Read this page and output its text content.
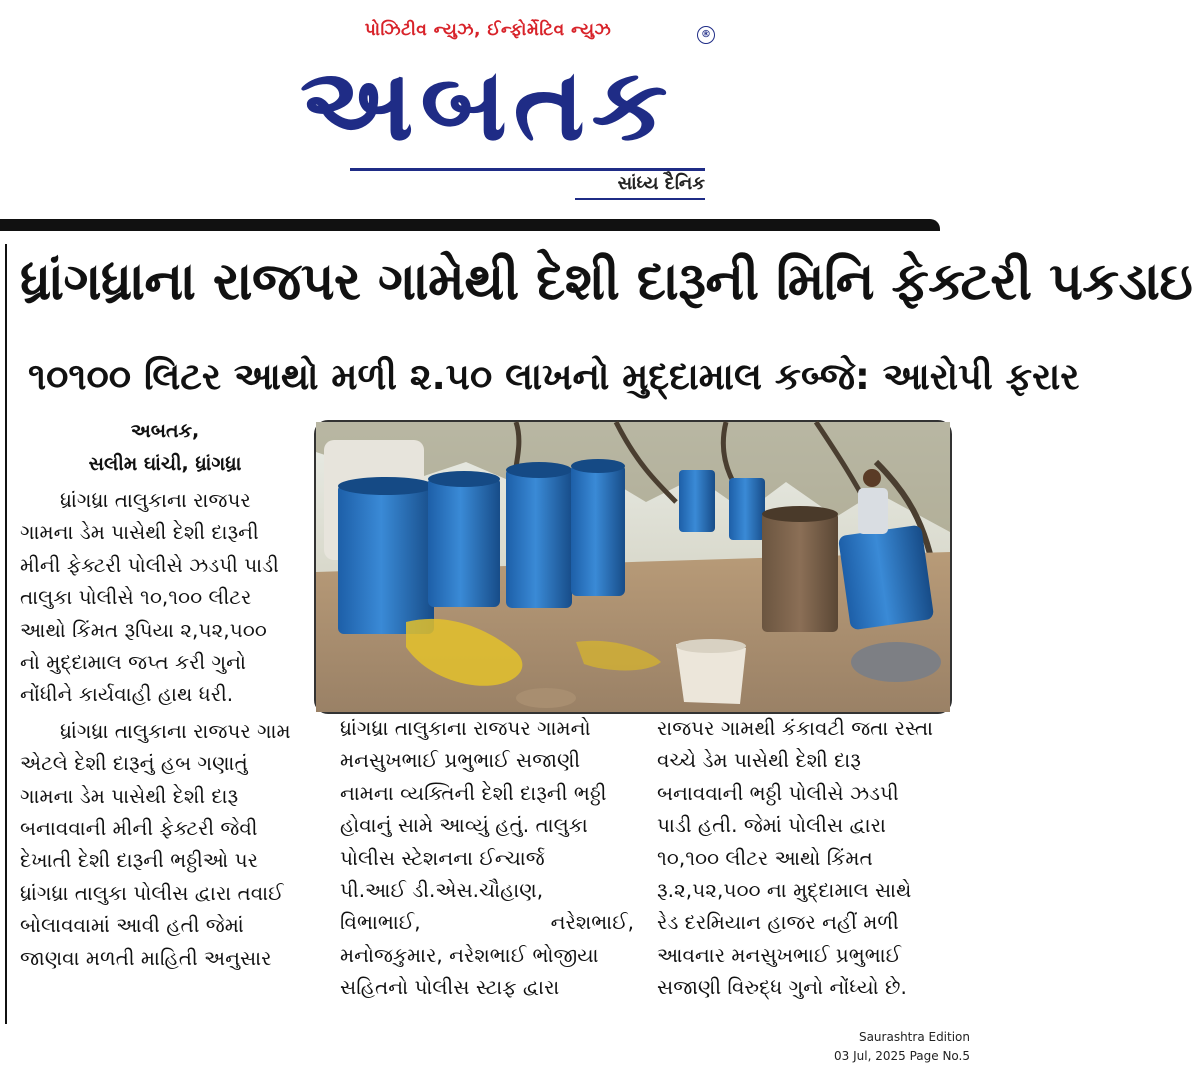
પોઝિટીવ ન્યુઝ, ઈન્ફોર્મેટિવ ન્યુઝ	®
અબતક
સાંધ્ય દૈનિક
ધ્રાંગધ્રાના રાજપર ગામેથી દેશી દારૂની મિનિ ફેક્ટરી પકડાઇ
૧૦૧૦૦ લિટર આથો મળી ૨.૫૦ લાખનો મુદ્દામાલ કબ્જે: આરોપી ફરાર
અબતક,
સલીમ ઘાંચી, ધ્રાંગધ્રા

ધ્રાંગધ્રા તાલુકાના રાજપર

ગામના ડેમ પાસેથી દેશી દારૂની

મીની ફેક્ટરી પોલીસે ઝડપી પાડી

તાલુકા પોલીસે ૧૦,૧૦૦ લીટર

આથો કિંમત રૂપિયા ૨,૫૨,૫૦૦

નો મુદ્દામાલ જપ્ત કરી ગુનો

નોંધીને કાર્યવાહી હાથ ધરી.

ધ્રાંગધ્રા તાલુકાના રાજપર ગામ

એટલે દેશી દારૂનું હબ ગણાતું

ગામના ડેમ પાસેથી દેશી દારૂ

બનાવવાની મીની ફેક્ટરી જેવી

દેખાતી દેશી દારૂની ભઠ્ઠીઓ પર

ધ્રાંગધ્રા તાલુકા પોલીસ દ્વારા તવાઈ

બોલાવવામાં આવી હતી જેમાં

જાણવા મળતી માહિતી અનુસાર

ધ્રાંગધ્રા તાલુકાના રાજપર ગામનો

મનસુખભાઈ પ્રભુભાઈ સજાણી

નામના વ્યક્તિની દેશી દારૂની ભઠ્ઠી

હોવાનું સામે આવ્યું હતું. તાલુકા

પોલીસ સ્ટેશનના ઈન્ચાર્જ

પી.આઈ ડી.એસ.ચૌહાણ,

વિભાભાઈ, નરેશભાઈ,

મનોજકુમાર, નરેશભાઈ ભોજીયા

સહિતનો પોલીસ સ્ટાફ દ્વારા

રાજપર ગામથી કંકાવટી જતા રસ્તા

વચ્ચે ડેમ પાસેથી દેશી દારૂ

બનાવવાની ભઠ્ઠી પોલીસે ઝડપી

પાડી હતી. જેમાં પોલીસ દ્વારા

૧૦,૧૦૦ લીટર આથો કિંમત

રૂ.૨,૫૨,૫૦૦ ના મુદ્દામાલ સાથે

રેડ દરમિયાન હાજર નહીં મળી

આવનાર મનસુખભાઈ પ્રભુભાઈ

સજાણી વિરુદ્ધ ગુનો નોંધ્યો છે.

Saurashtra Edition
03 Jul, 2025 Page No.5
